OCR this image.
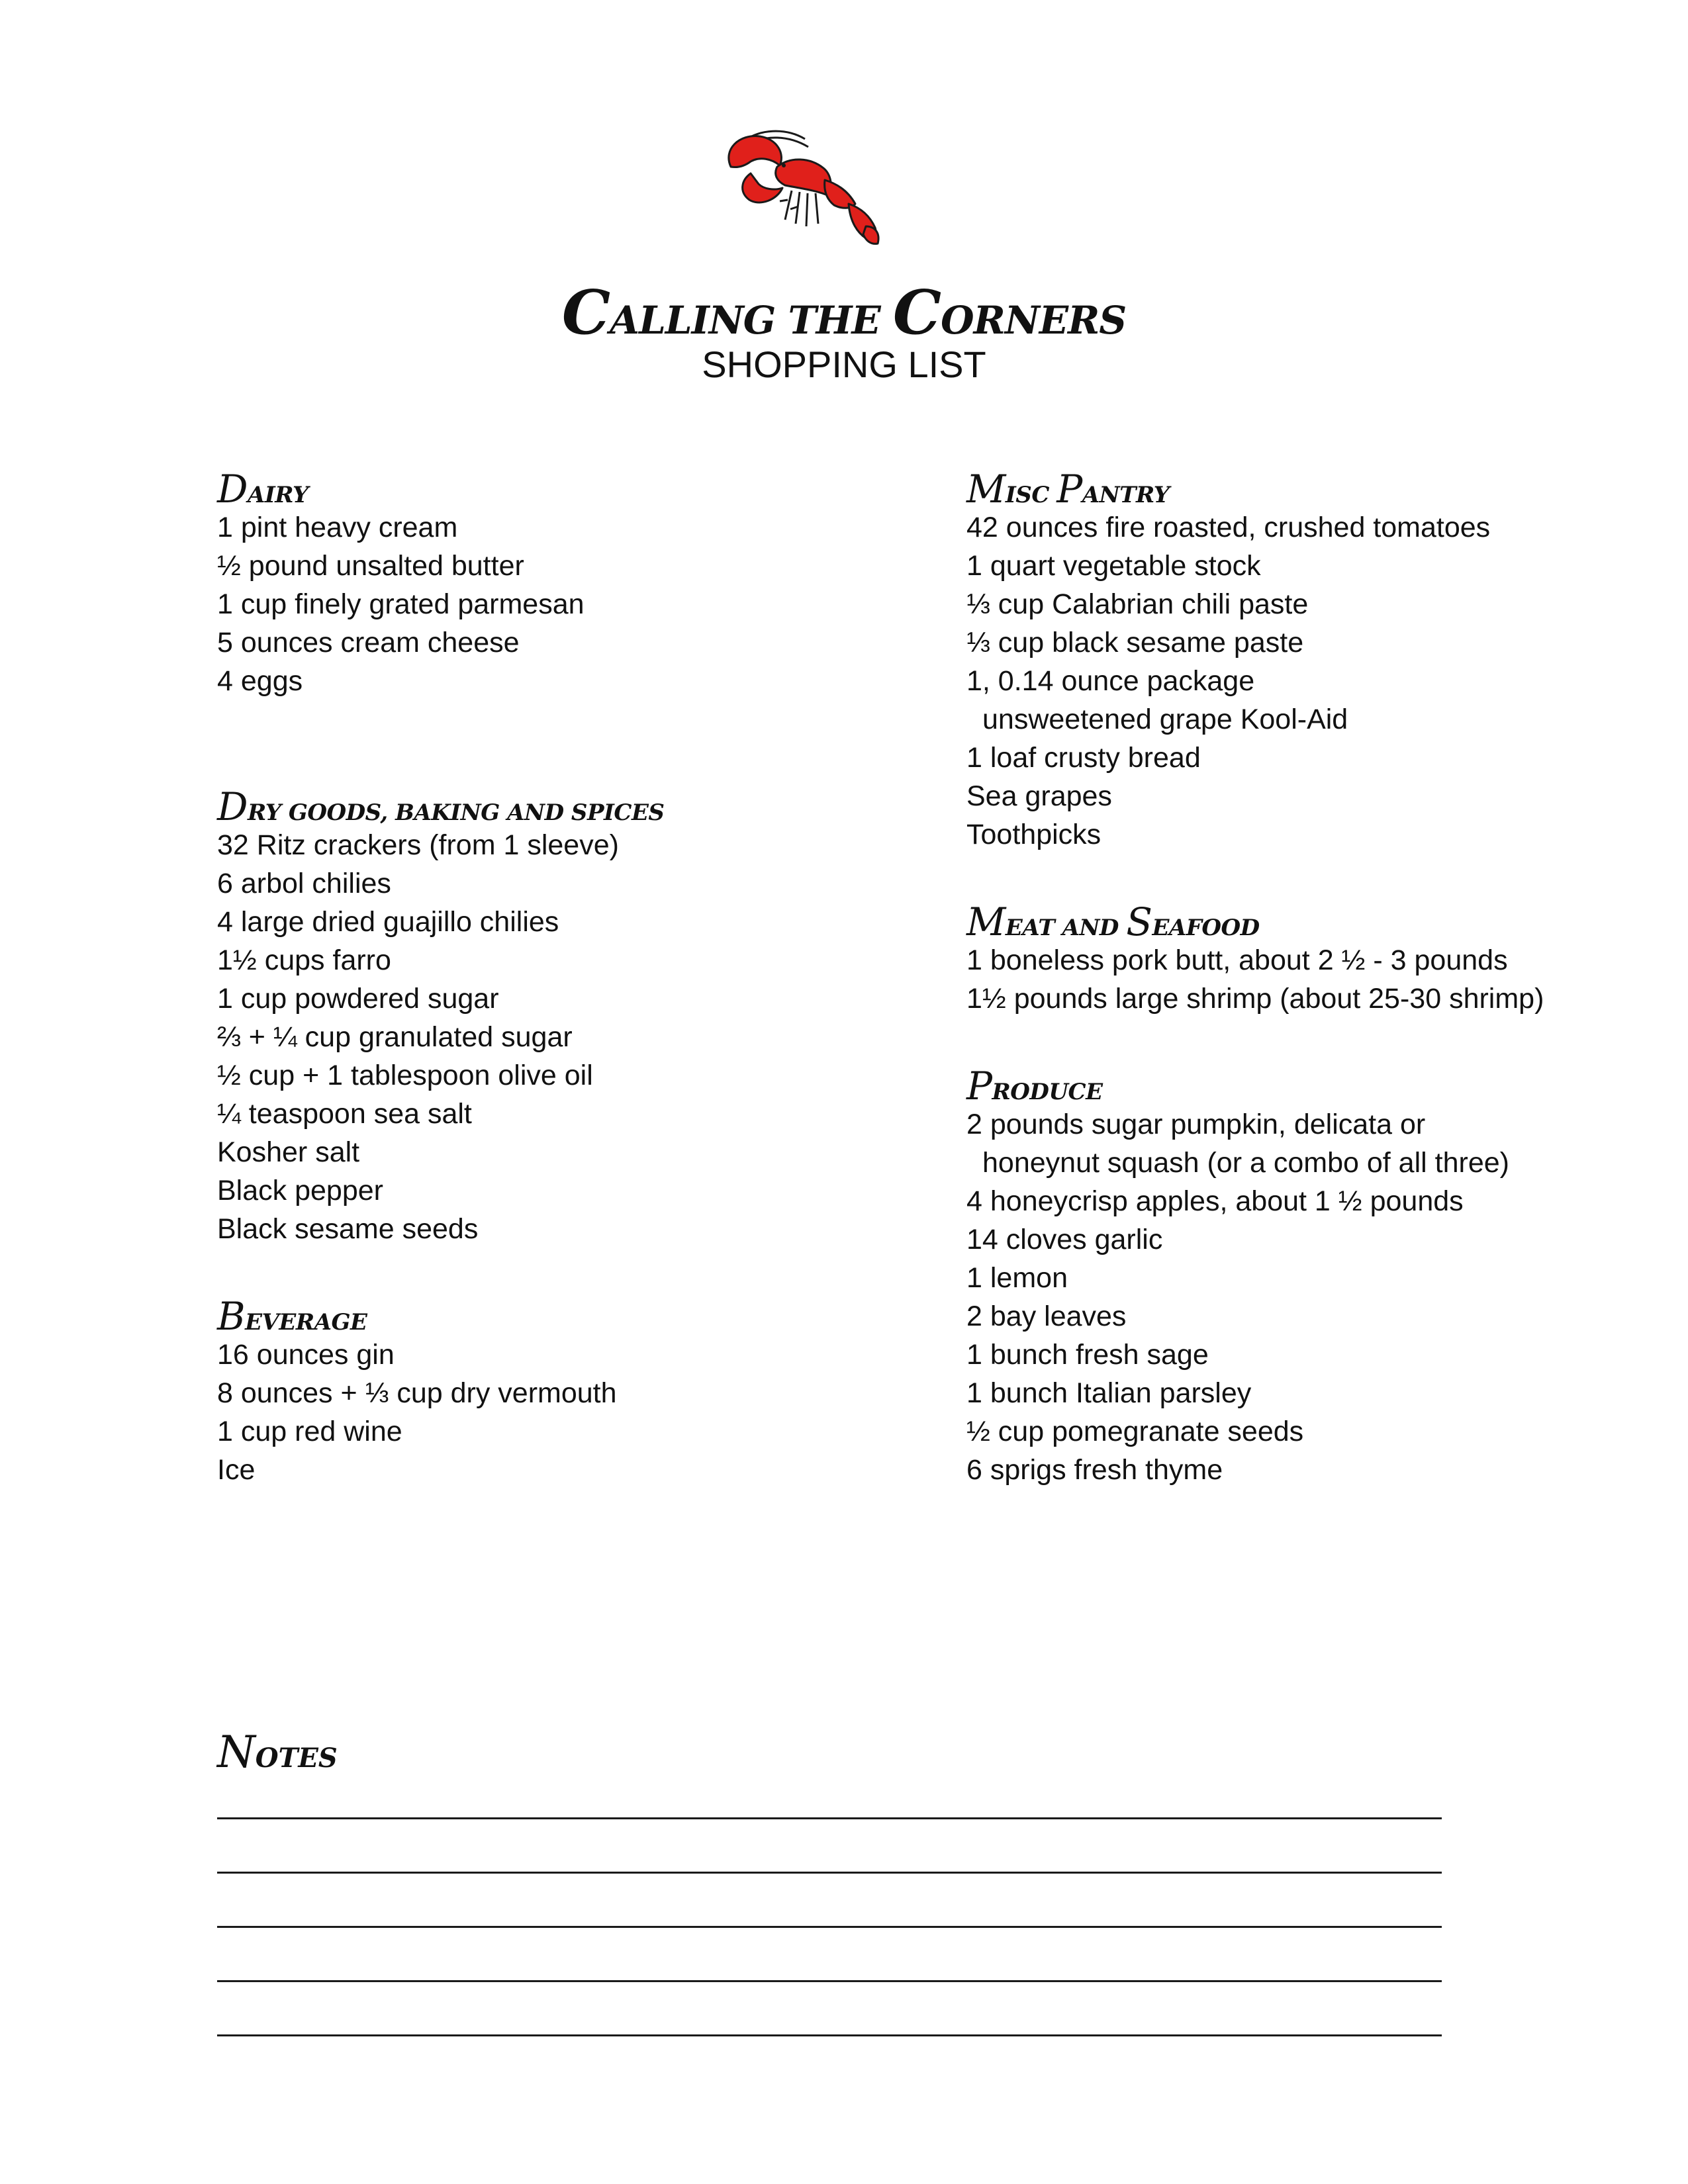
CALLING THE CORNERS
SHOPPING LIST
DAIRY
1 pint heavy cream
½ pound unsalted butter
1 cup finely grated parmesan
5 ounces cream cheese
4 eggs
DRY GOODS, BAKING AND SPICES
32 Ritz crackers (from 1 sleeve)
6 arbol chilies
4 large dried guajillo chilies
1½ cups farro
1 cup powdered sugar
⅔ + ¼ cup granulated sugar
½ cup + 1 tablespoon olive oil
¼ teaspoon sea salt
Kosher salt
Black pepper
Black sesame seeds
BEVERAGE
16 ounces gin
8 ounces + ⅓ cup dry vermouth
1 cup red wine
Ice
MISC PANTRY
42 ounces fire roasted, crushed tomatoes
1 quart vegetable stock
⅓ cup Calabrian chili paste
⅓ cup black sesame paste
1, 0.14 ounce package
unsweetened grape Kool-Aid
1 loaf crusty bread
Sea grapes
Toothpicks
MEAT AND SEAFOOD
1 boneless pork butt, about 2 ½ - 3 pounds
1½ pounds large shrimp (about 25-30 shrimp)
PRODUCE
2 pounds sugar pumpkin, delicata or
honeynut squash (or a combo of all three)
4 honeycrisp apples, about 1 ½ pounds
14 cloves garlic
1 lemon
2 bay leaves
1 bunch fresh sage
1 bunch Italian parsley
½ cup pomegranate seeds
6 sprigs fresh thyme
NOTES
